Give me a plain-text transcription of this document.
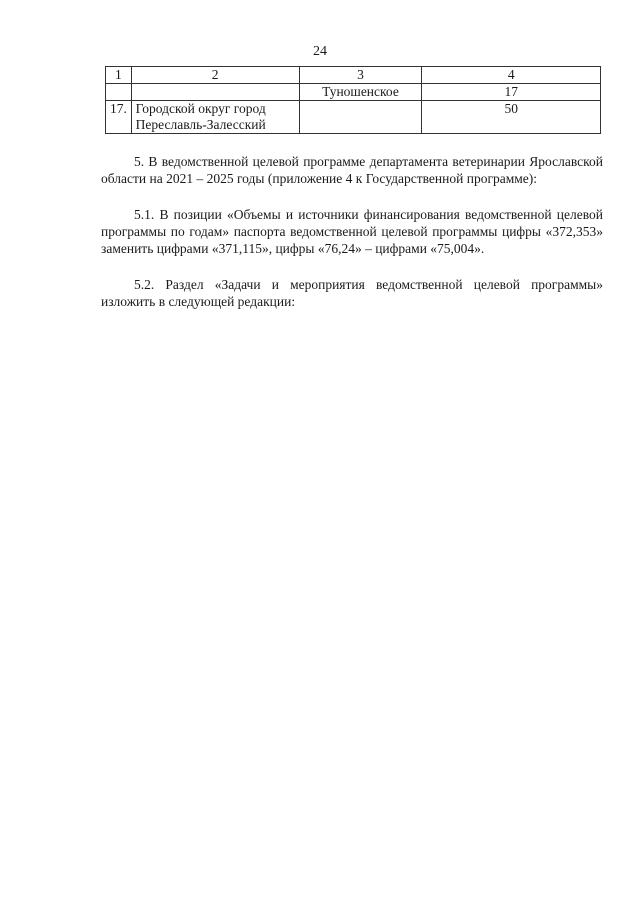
24
1	2	3	4
		Туношенское	17
17.	Городской округ город Переславль-Залесский		50

5. В ведомственной целевой программе департамента ветеринарии Ярославской области на 2021 – 2025 годы (приложение 4 к Государственной программе):

5.1. В позиции «Объемы и источники финансирования ведомственной целевой программы по годам» паспорта ведомственной целевой программы цифры «372,353» заменить цифрами «371,115», цифры «76,24» – цифрами «75,004».

5.2. Раздел «Задачи и мероприятия ведомственной целевой программы» изложить в следующей редакции:
